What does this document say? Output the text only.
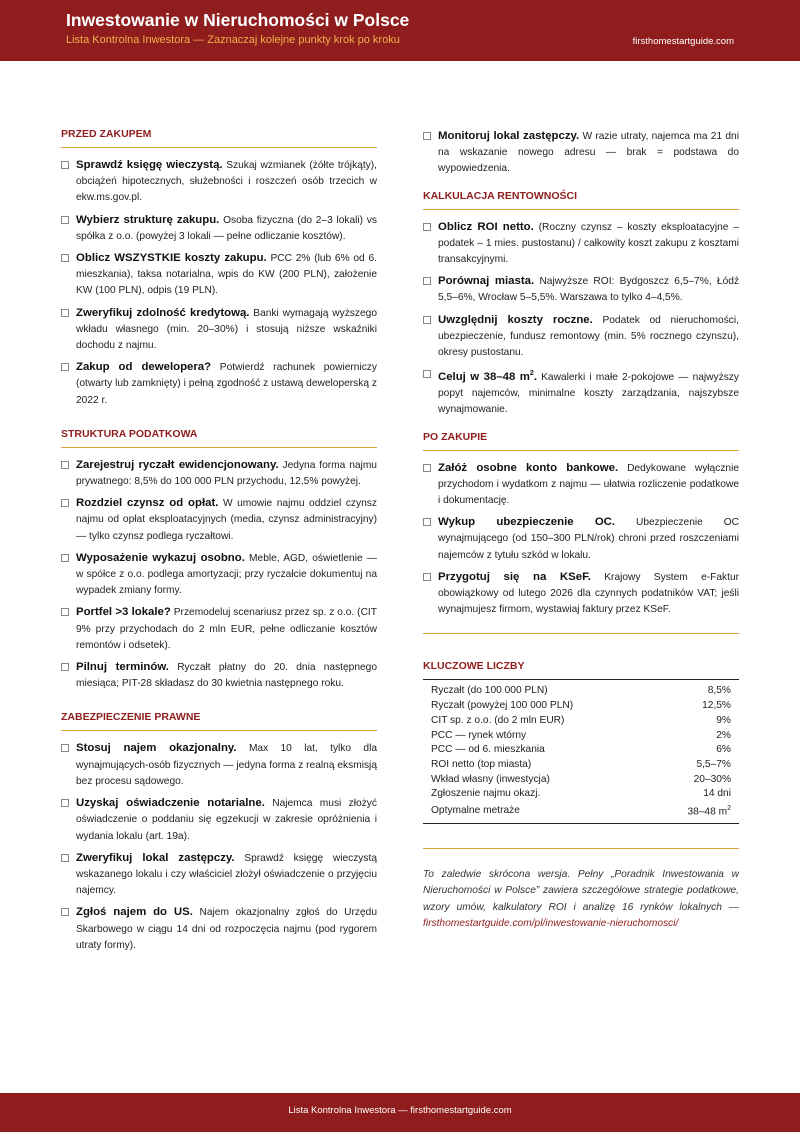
Inwestowanie w Nieruchomości w Polsce
Lista Kontrolna Inwestora — Zaznaczaj kolejne punkty krok po kroku	firsthomestartguide.com
PRZED ZAKUPEM
Sprawdź księgę wieczystą. Szukaj wzmianek (żółte trójkąty), obciążeń hipotecznych, służebności i roszczeń osób trzecich w ekw.ms.gov.pl.
Wybierz strukturę zakupu. Osoba fizyczna (do 2–3 lokali) vs spółka z o.o. (powyżej 3 lokali — pełne odliczanie kosztów).
Oblicz WSZYSTKIE koszty zakupu. PCC 2% (lub 6% od 6. mieszkania), taksa notarialna, wpis do KW (200 PLN), założenie KW (100 PLN), odpis (19 PLN).
Zweryfikuj zdolność kredytową. Banki wymagają wyższego wkładu własnego (min. 20–30%) i stosują niższe wskaźniki dochodu z najmu.
Zakup od dewelopera? Potwierdź rachunek powierniczy (otwarty lub zamknięty) i pełną zgodność z ustawą deweloperską z 2022 r.
STRUKTURA PODATKOWA
Zarejestruj ryczałt ewidencjonowany. Jedyna forma najmu prywatnego: 8,5% do 100 000 PLN przychodu, 12,5% powyżej.
Rozdziel czynsz od opłat. W umowie najmu oddziel czynsz najmu od opłat eksploatacyjnych (media, czynsz administracyjny) — tylko czynsz podlega ryczałtowi.
Wyposażenie wykazuj osobno. Meble, AGD, oświetlenie — w spółce z o.o. podlega amortyzacji; przy ryczałcie dokumentuj na wypadek zmiany formy.
Portfel >3 lokale? Przemodeluj scenariusz przez sp. z o.o. (CIT 9% przy przychodach do 2 mln EUR, pełne odliczanie kosztów remontów i odsetek).
Pilnuj terminów. Ryczałt płatny do 20. dnia następnego miesiąca; PIT-28 składasz do 30 kwietnia następnego roku.
ZABEZPIECZENIE PRAWNE
Stosuj najem okazjonalny. Max 10 lat, tylko dla wynajmujących-osób fizycznych — jedyna forma z realną eksmisją bez procesu sądowego.
Uzyskaj oświadczenie notarialne. Najemca musi złożyć oświadczenie o poddaniu się egzekucji w zakresie opróżnienia i wydania lokalu (art. 19a).
Zweryfikuj lokal zastępczy. Sprawdź księgę wieczystą wskazanego lokalu i czy właściciel złożył oświadczenie o przyjęciu najemcy.
Zgłoś najem do US. Najem okazjonalny zgłoś do Urzędu Skarbowego w ciągu 14 dni od rozpoczęcia najmu (pod rygorem utraty formy).
Monitoruj lokal zastępczy. W razie utraty, najemca ma 21 dni na wskazanie nowego adresu — brak = podstawa do wypowiedzenia.
KALKULACJA RENTOWNOŚCI
Oblicz ROI netto. (Roczny czynsz – koszty eksploatacyjne – podatek – 1 mies. pustostanu) / całkowity koszt zakupu z kosztami transakcyjnymi.
Porównaj miasta. Najwyższe ROI: Bydgoszcz 6,5–7%, Łódź 5,5–6%, Wrocław 5–5,5%. Warszawa to tylko 4–4,5%.
Uwzględnij koszty roczne. Podatek od nieruchomości, ubezpieczenie, fundusz remontowy (min. 5% rocznego czynszu), okresy pustostanu.
Celuj w 38–48 $m^2$. Kawalerki i małe 2-pokojowe — najwyższy popyt najemców, minimalne koszty zarządzania, najszybsze wynajmowanie.
PO ZAKUPIE
Załóż osobne konto bankowe. Dedykowane wyłącznie przychodom i wydatkom z najmu — ułatwia rozliczenie podatkowe i dokumentację.
Wykup ubezpieczenie OC. Ubezpieczenie OC wynajmującego (od 150–300 PLN/rok) chroni przed roszczeniami najemców z tytułu szkód w lokalu.
Przygotuj się na KSeF. Krajowy System e-Faktur obowiązkowy od lutego 2026 dla czynnych podatników VAT; jeśli wynajmujesz firmom, wystawiaj faktury przez KSeF.
KLUCZOWE LICZBY
Ryczałt (do 100 000 PLN)	8,5%
Ryczałt (powyżej 100 000 PLN)	12,5%
CIT sp. z o.o. (do 2 mln EUR)	9%
PCC — rynek wtórny	2%
PCC — od 6. mieszkania	6%
ROI netto (top miasta)	5,5–7%
Wkład własny (inwestycja)	20–30%
Zgłoszenie najmu okazj.	14 dni
Optymalne metraże	38–48 $m^2$
To zaledwie skrócona wersja. Pełny „Poradnik Inwestowania w Nieruchomości w Polsce” zawiera szczegółowe strategie podatkowe, wzory umów, kalkulatory ROI i analizę 16 rynków lokalnych — firsthomestartguide.com/pl/inwestowanie-nieruchomosci/
Lista Kontrolna Inwestora — firsthomestartguide.com
